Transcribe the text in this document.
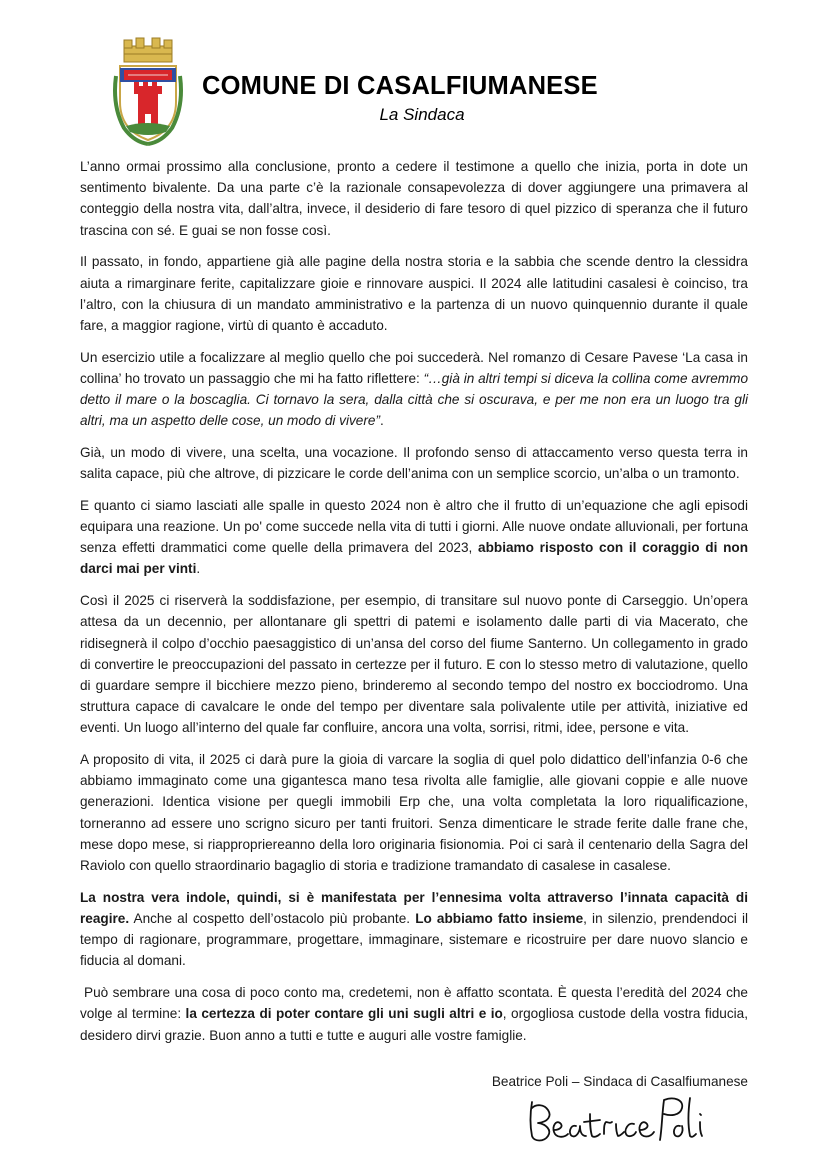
COMUNE DI CASALFIUMANESE
La Sindaca

L’anno ormai prossimo alla conclusione, pronto a cedere il testimone a quello che inizia, porta in dote un sentimento bivalente. Da una parte c’è la razionale consapevolezza di dover aggiungere una primavera al conteggio della nostra vita, dall’altra, invece, il desiderio di fare tesoro di quel pizzico di speranza che il futuro trascina con sé. E guai se non fosse così.

Il passato, in fondo, appartiene già alle pagine della nostra storia e la sabbia che scende dentro la clessidra aiuta a rimarginare ferite, capitalizzare gioie e rinnovare auspici. Il 2024 alle latitudini casalesi è coinciso, tra l’altro, con la chiusura di un mandato amministrativo e la partenza di un nuovo quinquennio durante il quale fare, a maggior ragione, virtù di quanto è accaduto.

Un esercizio utile a focalizzare al meglio quello che poi succederà. Nel romanzo di Cesare Pavese ‘La casa in collina’ ho trovato un passaggio che mi ha fatto riflettere: “…già in altri tempi si diceva la collina come avremmo detto il mare o la boscaglia. Ci tornavo la sera, dalla città che si oscurava, e per me non era un luogo tra gli altri, ma un aspetto delle cose, un modo di vivere”.

Già, un modo di vivere, una scelta, una vocazione. Il profondo senso di attaccamento verso questa terra in salita capace, più che altrove, di pizzicare le corde dell’anima con un semplice scorcio, un’alba o un tramonto.

E quanto ci siamo lasciati alle spalle in questo 2024 non è altro che il frutto di un’equazione che agli episodi equipara una reazione. Un po' come succede nella vita di tutti i giorni. Alle nuove ondate alluvionali, per fortuna senza effetti drammatici come quelle della primavera del 2023, abbiamo risposto con il coraggio di non darci mai per vinti.

Così il 2025 ci riserverà la soddisfazione, per esempio, di transitare sul nuovo ponte di Carseggio. Un’opera attesa da un decennio, per allontanare gli spettri di patemi e isolamento dalle parti di via Macerato, che ridisegnerà il colpo d’occhio paesaggistico di un’ansa del corso del fiume Santerno. Un collegamento in grado di convertire le preoccupazioni del passato in certezze per il futuro. E con lo stesso metro di valutazione, quello di guardare sempre il bicchiere mezzo pieno, brinderemo al secondo tempo del nostro ex bocciodromo. Una struttura capace di cavalcare le onde del tempo per diventare sala polivalente utile per attività, iniziative ed eventi. Un luogo all’interno del quale far confluire, ancora una volta, sorrisi, ritmi, idee, persone e vita.

A proposito di vita, il 2025 ci darà pure la gioia di varcare la soglia di quel polo didattico dell’infanzia 0-6 che abbiamo immaginato come una gigantesca mano tesa rivolta alle famiglie, alle giovani coppie e alle nuove generazioni. Identica visione per quegli immobili Erp che, una volta completata la loro riqualificazione, torneranno ad essere uno scrigno sicuro per tanti fruitori. Senza dimenticare le strade ferite dalle frane che, mese dopo mese, si riappropriereanno della loro originaria fisionomia. Poi ci sarà il centenario della Sagra del Raviolo con quello straordinario bagaglio di storia e tradizione tramandato di casalese in casalese.

La nostra vera indole, quindi, si è manifestata per l’ennesima volta attraverso l’innata capacità di reagire. Anche al cospetto dell’ostacolo più probante. Lo abbiamo fatto insieme, in silenzio, prendendoci il tempo di ragionare, programmare, progettare, immaginare, sistemare e ricostruire per dare nuovo slancio e fiducia al domani.

Può sembrare una cosa di poco conto ma, credetemi, non è affatto scontata. È questa l’eredità del 2024 che volge al termine: la certezza di poter contare gli uni sugli altri e io, orgogliosa custode della vostra fiducia, desidero dirvi grazie. Buon anno a tutti e tutte e auguri alle vostre famiglie.

Beatrice Poli – Sindaca di Casalfiumanese
